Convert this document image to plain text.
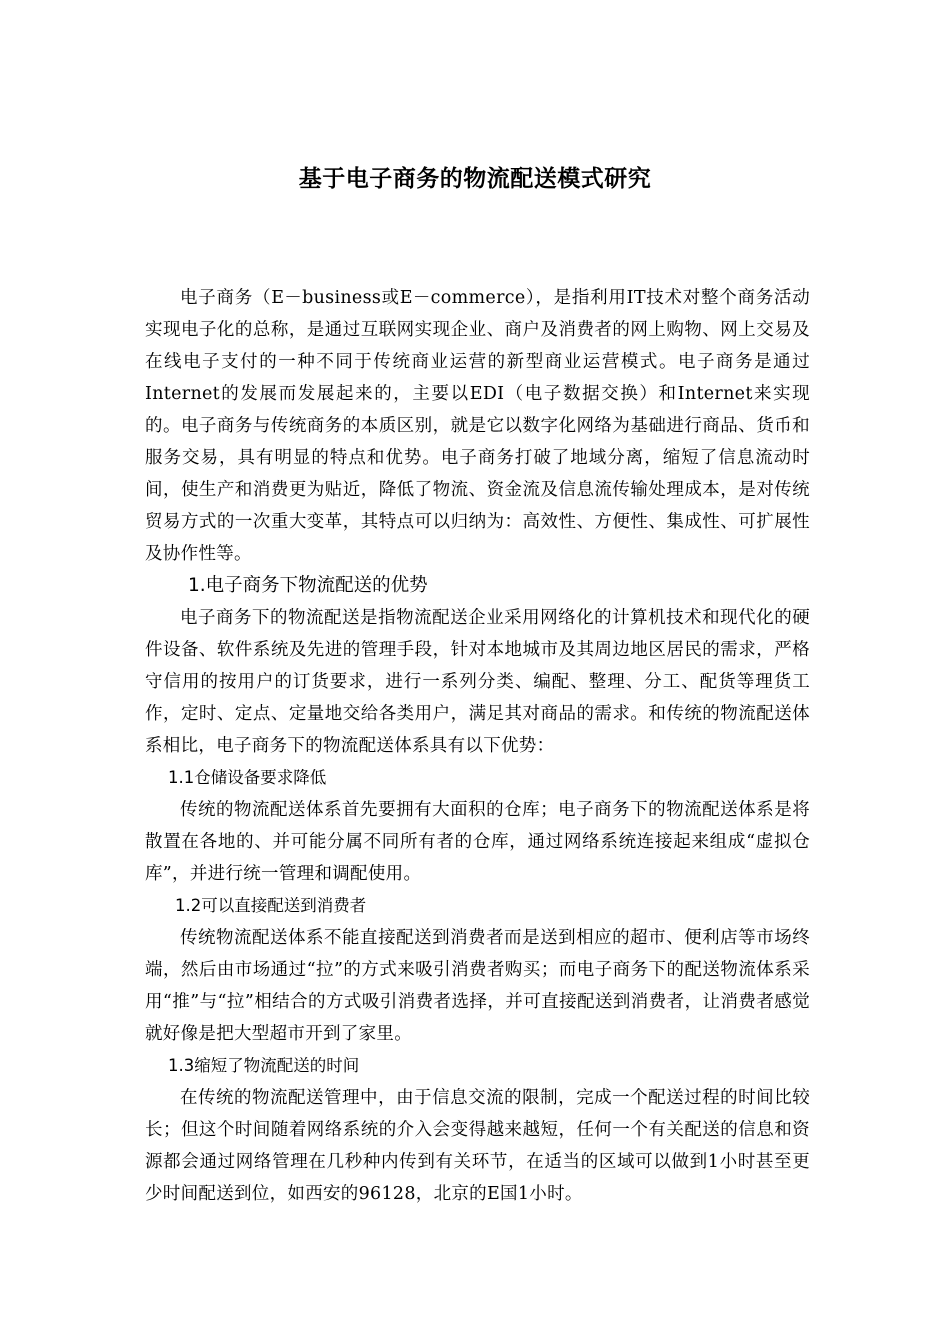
基于电子商务的物流配送模式研究

电子商务（E－business或E－commerce），是指利用IT技术对整个商务活动实现电子化的总称，是通过互联网实现企业、商户及消费者的网上购物、网上交易及在线电子支付的一种不同于传统商业运营的新型商业运营模式。电子商务是通过Internet的发展而发展起来的，主要以EDI（电子数据交换）和Internet来实现的。电子商务与传统商务的本质区别，就是它以数字化网络为基础进行商品、货币和服务交易，具有明显的特点和优势。电子商务打破了地域分离，缩短了信息流动时间，使生产和消费更为贴近，降低了物流、资金流及信息流传输处理成本，是对传统贸易方式的一次重大变革，其特点可以归纳为：高效性、方便性、集成性、可扩展性及协作性等。

1.电子商务下物流配送的优势

电子商务下的物流配送是指物流配送企业采用网络化的计算机技术和现代化的硬件设备、软件系统及先进的管理手段，针对本地城市及其周边地区居民的需求，严格守信用的按用户的订货要求，进行一系列分类、编配、整理、分工、配货等理货工作，定时、定点、定量地交给各类用户，满足其对商品的需求。和传统的物流配送体系相比，电子商务下的物流配送体系具有以下优势：

1.1仓储设备要求降低

传统的物流配送体系首先要拥有大面积的仓库；电子商务下的物流配送体系是将散置在各地的、并可能分属不同所有者的仓库，通过网络系统连接起来组成“虚拟仓库”，并进行统一管理和调配使用。

1.2可以直接配送到消费者

传统物流配送体系不能直接配送到消费者而是送到相应的超市、便利店等市场终端，然后由市场通过“拉”的方式来吸引消费者购买；而电子商务下的配送物流体系采用“推”与“拉”相结合的方式吸引消费者选择，并可直接配送到消费者，让消费者感觉就好像是把大型超市开到了家里。

1.3缩短了物流配送的时间

在传统的物流配送管理中，由于信息交流的限制，完成一个配送过程的时间比较长；但这个时间随着网络系统的介入会变得越来越短，任何一个有关配送的信息和资源都会通过网络管理在几秒种内传到有关环节，在适当的区域可以做到1小时甚至更少时间配送到位，如西安的96128，北京的E国1小时。
